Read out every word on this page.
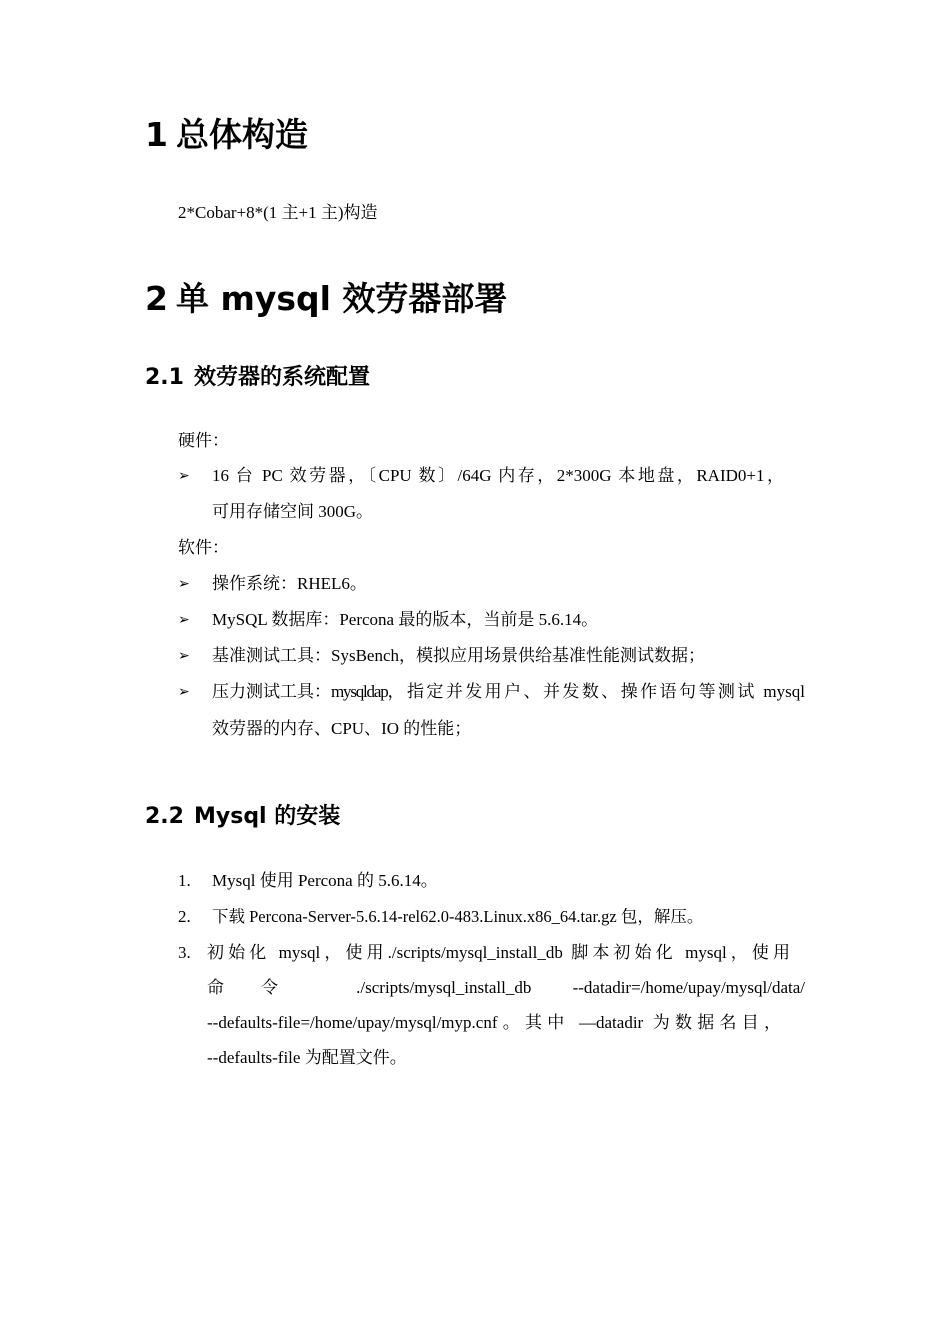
1 总体构造
2*Cobar+8*(1 主+1 主)构造
2 单 mysql 效劳器部署
2.1 效劳器的系统配置
硬件：
➢ 16 台 PC 效劳器，〔CPU 数〕/64G 内存，2*300G 本地盘，RAID0+1，
可用存储空间 300G。
软件：
➢ 操作系统：RHEL6。
➢ MySQL 数据库：Percona 最的版本，当前是 5.6.14。
➢ 基准测试工具：SysBench，模拟应用场景供给基准性能测试数据；
➢ 压力测试工具： mysqldap ，指定并发用户、并发数、操作语句等测试 mysql
效劳器的内存、CPU、IO 的性能；
2.2 Mysql 的安装
1. Mysql 使用 Percona 的 5.6.14。
2. 下载 Percona-Server-5.6.14-rel62.0-483.Linux.x86_64.tar.gz 包，解压。
3. 初始化 mysql，使用./scripts/mysql_install_db 脚本初始化 mysql，使用
命令 ./scripts/mysql_install_db --datadir=/home/upay/mysql/data/
--defaults-file=/home/upay/mysql/myp.cnf。其中 —datadir 为数据名目，
--defaults-file 为配置文件。
